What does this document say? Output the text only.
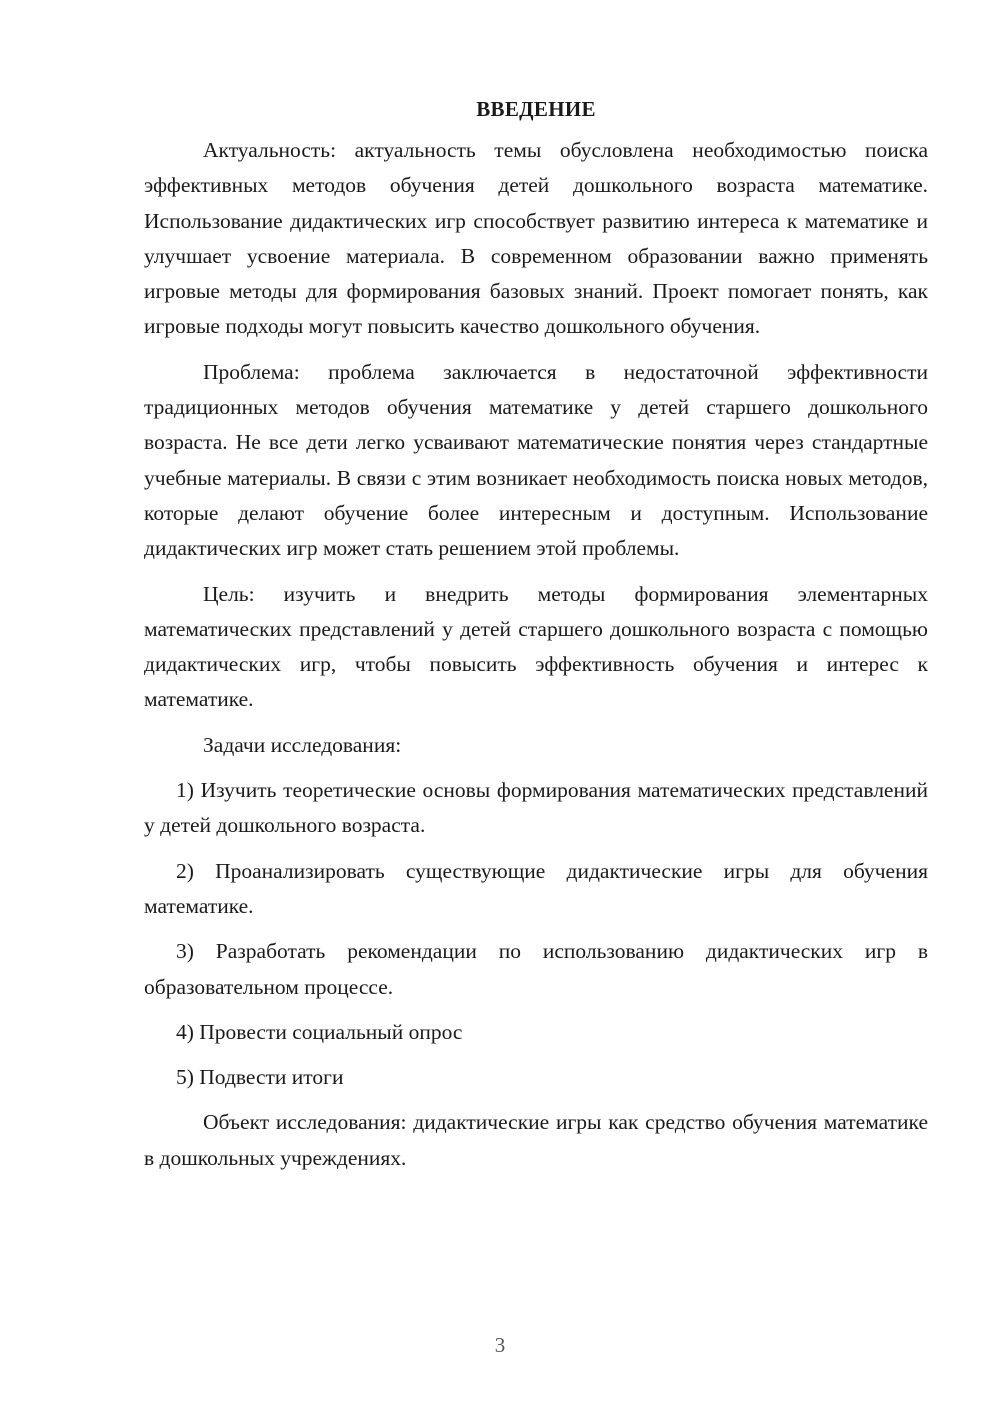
ВВЕДЕНИЕ

Актуальность: актуальность темы обусловлена необходимостью поиска эффективных методов обучения детей дошкольного возраста математике. Использование дидактических игр способствует развитию интереса к математике и улучшает усвоение материала. В современном образовании важно применять игровые методы для формирования базовых знаний. Проект помогает понять, как игровые подходы могут повысить качество дошкольного обучения.

Проблема: проблема заключается в недостаточной эффективности традиционных методов обучения математике у детей старшего дошкольного возраста. Не все дети легко усваивают математические понятия через стандартные учебные материалы. В связи с этим возникает необходимость поиска новых методов, которые делают обучение более интересным и доступным. Использование дидактических игр может стать решением этой проблемы.

Цель: изучить и внедрить методы формирования элементарных математических представлений у детей старшего дошкольного возраста с помощью дидактических игр, чтобы повысить эффективность обучения и интерес к математике.

Задачи исследования:

1) Изучить теоретические основы формирования математических представлений у детей дошкольного возраста.

2) Проанализировать существующие дидактические игры для обучения математике.

3) Разработать рекомендации по использованию дидактических игр в образовательном процессе.

4) Провести социальный опрос

5) Подвести итоги

Объект исследования: дидактические игры как средство обучения математике в дошкольных учреждениях.

3
